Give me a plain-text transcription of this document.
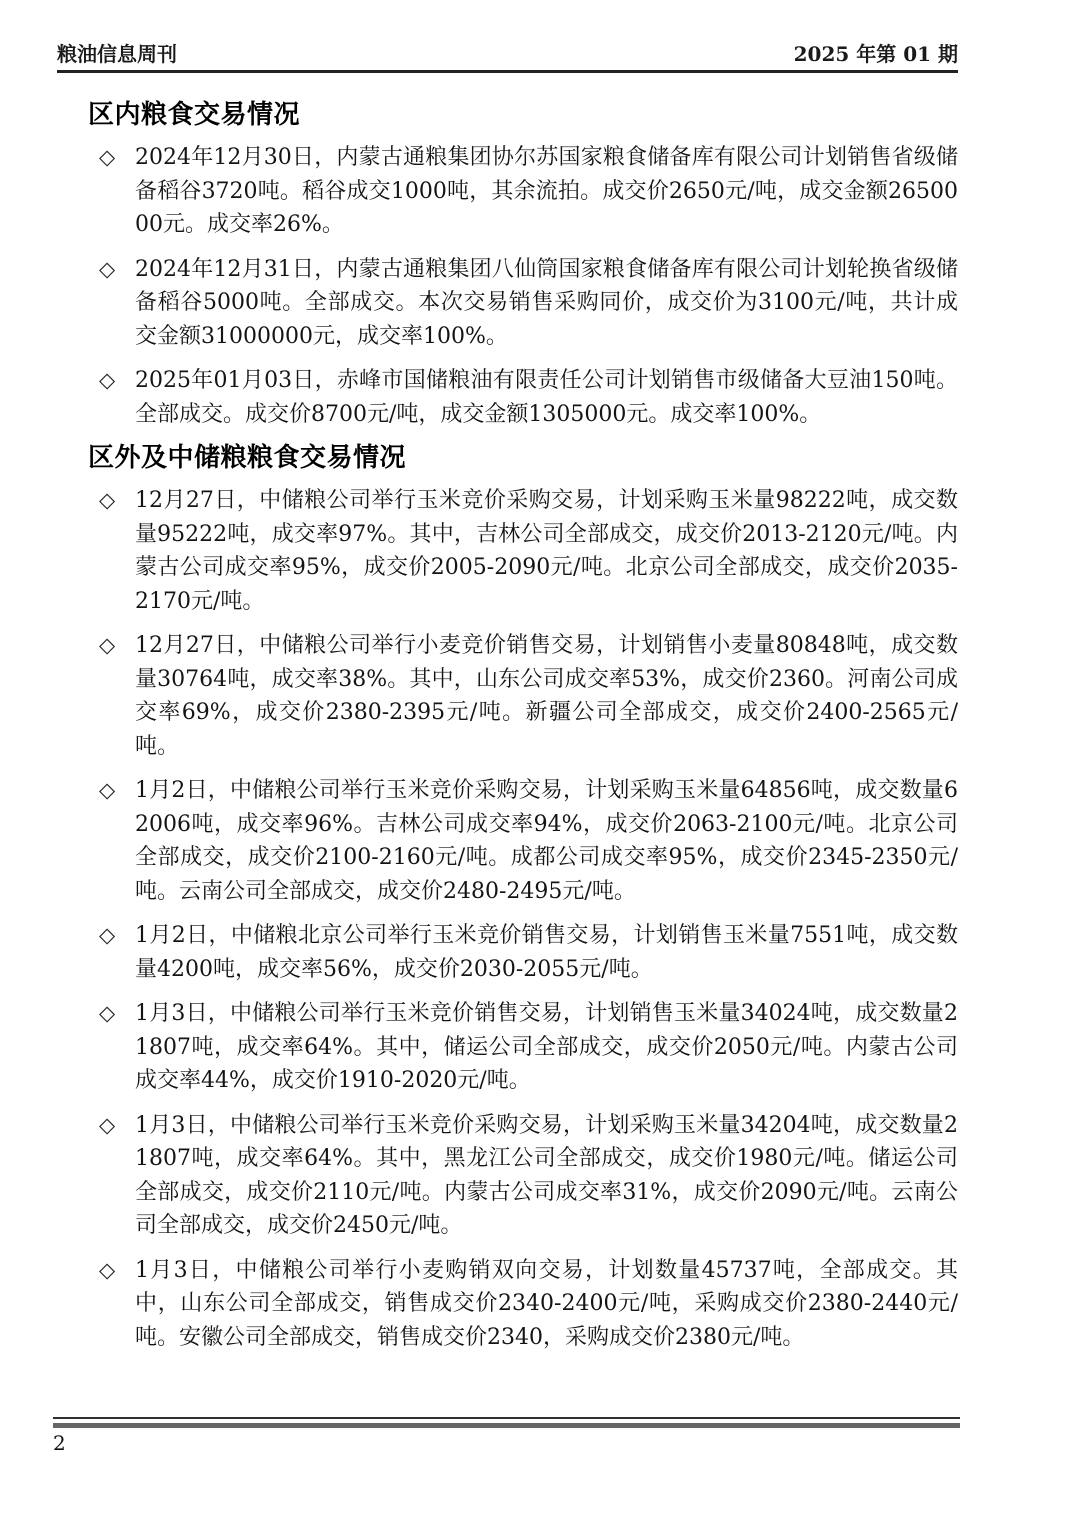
粮油信息周刊	2025 年第 01 期
区内粮食交易情况
◇ 2024年12月30日，内蒙古通粮集团协尔苏国家粮食储备库有限公司计划销售省级储备稻谷3720吨。稻谷成交1000吨，其余流拍。成交价2650元/吨，成交金额2650000元。成交率26%。

◇ 2024年12月31日，内蒙古通粮集团八仙筒国家粮食储备库有限公司计划轮换省级储备稻谷5000吨。全部成交。本次交易销售采购同价，成交价为3100元/吨，共计成交金额31000000元，成交率100%。

◇ 2025年01月03日，赤峰市国储粮油有限责任公司计划销售市级储备大豆油150吨。全部成交。成交价8700元/吨，成交金额1305000元。成交率100%。

区外及中储粮粮食交易情况
◇ 12月27日，中储粮公司举行玉米竞价采购交易，计划采购玉米量98222吨，成交数量95222吨，成交率97%。其中，吉林公司全部成交，成交价2013-2120元/吨。内蒙古公司成交率95%，成交价2005-2090元/吨。北京公司全部成交，成交价2035-2170元/吨。

◇ 12月27日，中储粮公司举行小麦竞价销售交易，计划销售小麦量80848吨，成交数量30764吨，成交率38%。其中，山东公司成交率53%，成交价2360。河南公司成交率69%，成交价2380-2395元/吨。新疆公司全部成交，成交价2400-2565元/吨。

◇ 1月2日，中储粮公司举行玉米竞价采购交易，计划采购玉米量64856吨，成交数量62006吨，成交率96%。吉林公司成交率94%，成交价2063-2100元/吨。北京公司全部成交，成交价2100-2160元/吨。成都公司成交率95%，成交价2345-2350元/吨。云南公司全部成交，成交价2480-2495元/吨。

◇ 1月2日，中储粮北京公司举行玉米竞价销售交易，计划销售玉米量7551吨，成交数量4200吨，成交率56%，成交价2030-2055元/吨。

◇ 1月3日，中储粮公司举行玉米竞价销售交易，计划销售玉米量34024吨，成交数量21807吨，成交率64%。其中，储运公司全部成交，成交价2050元/吨。内蒙古公司成交率44%，成交价1910-2020元/吨。

◇ 1月3日，中储粮公司举行玉米竞价采购交易，计划采购玉米量34204吨，成交数量21807吨，成交率64%。其中，黑龙江公司全部成交，成交价1980元/吨。储运公司全部成交，成交价2110元/吨。内蒙古公司成交率31%，成交价2090元/吨。云南公司全部成交，成交价2450元/吨。

◇ 1月3日，中储粮公司举行小麦购销双向交易，计划数量45737吨，全部成交。其中，山东公司全部成交，销售成交价2340-2400元/吨，采购成交价2380-2440元/吨。安徽公司全部成交，销售成交价2340，采购成交价2380元/吨。

2
